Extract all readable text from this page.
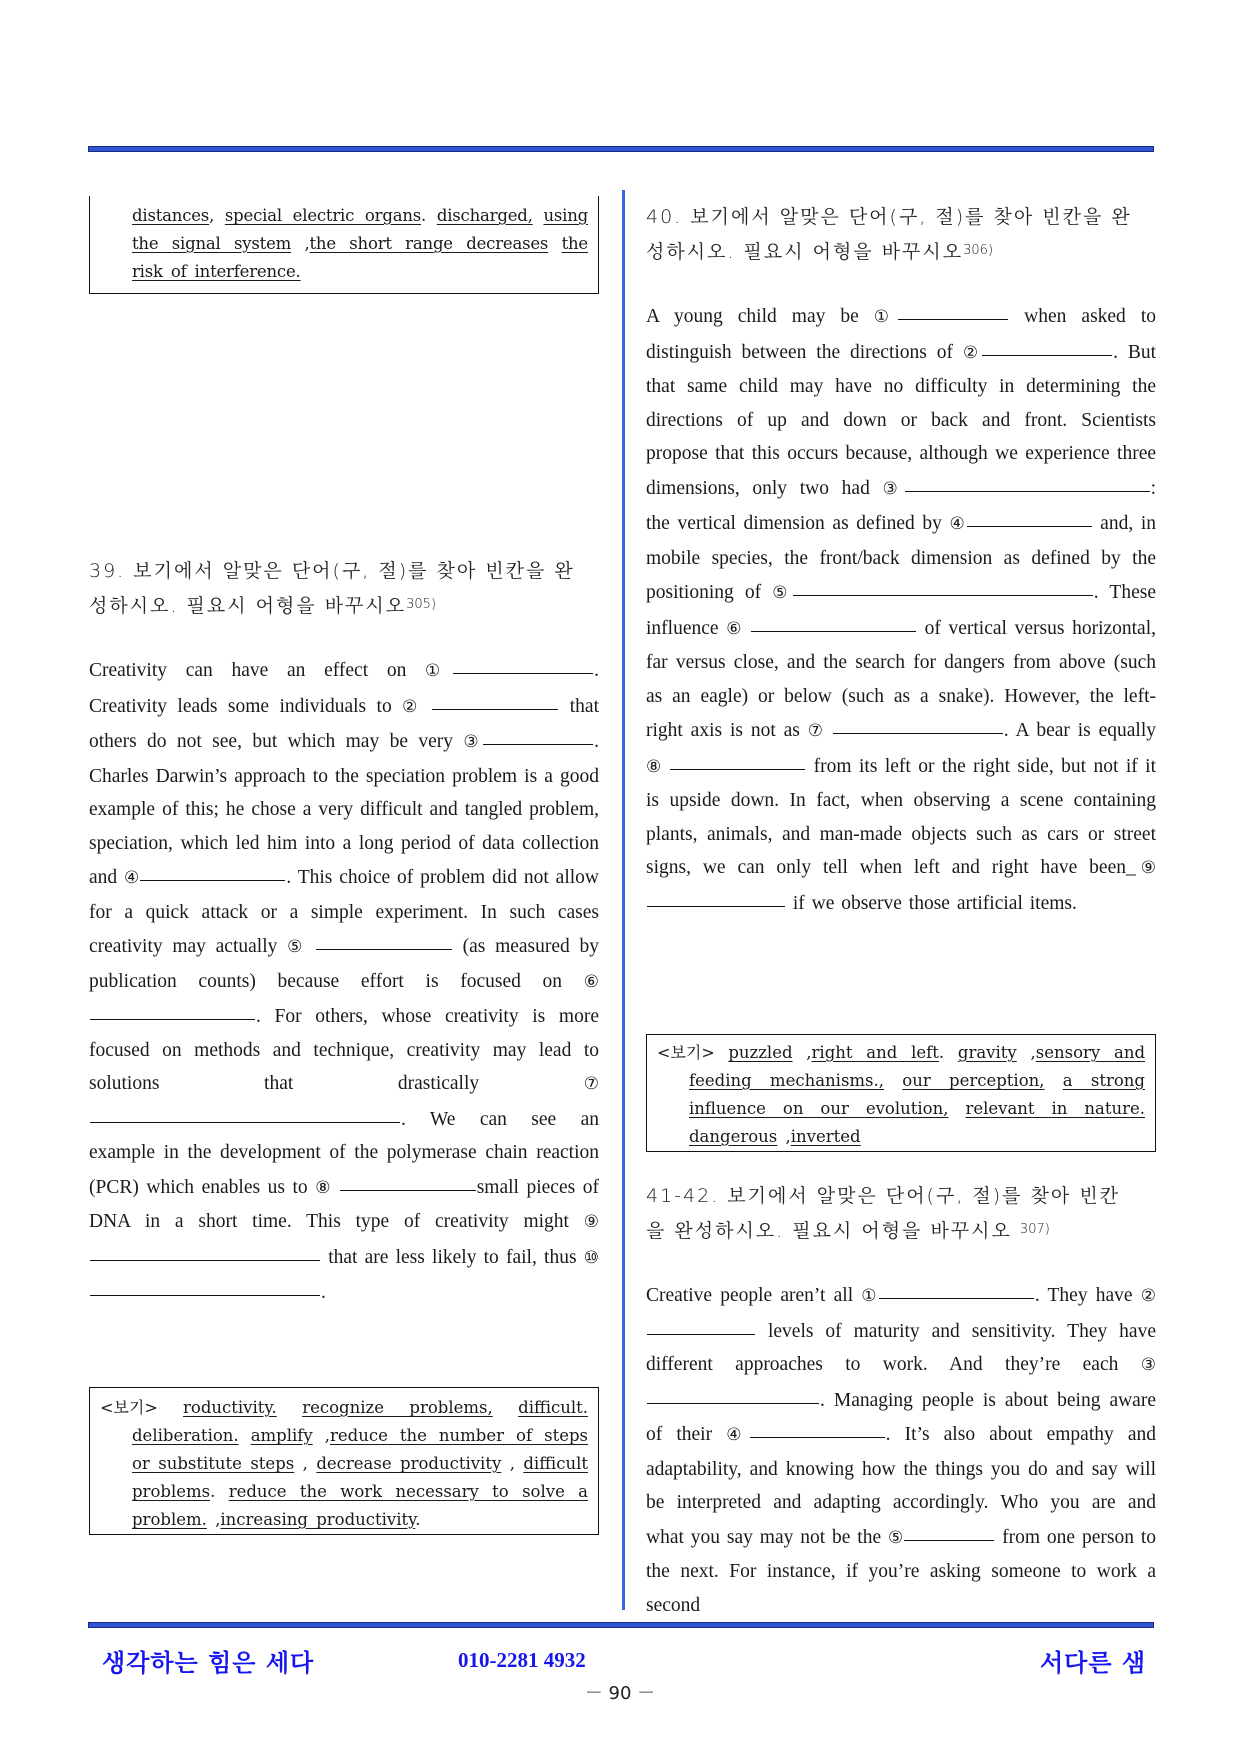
distances, special electric organs. discharged, using the signal system ,the short range decreases the risk of interference.

39. 보기에서 알맞은 단어(구, 절)를 찾아 빈칸을 완
성하시오. 필요시 어형을 바꾸시오$^{305)}$

Creativity can have an effect on ①	. Creativity leads some individuals to ②	that others do not see, but which may be very ③	. Charles Darwin’s approach to the speciation problem is a good example of this; he chose a very difficult and tangled problem, speciation, which led him into a long period of data collection and ④	. This choice of problem did not allow for a quick attack or a simple experiment. In such cases creativity may actually ⑤	(as measured by publication counts) because effort is focused on ⑥. For others, whose creativity is more focused on methods and technique, creativity may lead to solutions that drastically ⑦. We can see an example in the development of the polymerase chain reaction (PCR) which enables us to ⑧	small pieces of DNA in a short time. This type of creativity might ⑨  that are less likely to fail, thus ⑩.

<보기> roductivity. recognize problems, difficult. deliberation. amplify ,reduce the number of steps or substitute steps , decrease productivity , difficult problems. reduce the work necessary to solve a problem. ,increasing productivity.

40. 보기에서 알맞은 단어(구, 절)를 찾아 빈칸을 완
성하시오. 필요시 어형을 바꾸시오$^{306)}$

A young child may be ①	when asked to distinguish between the directions of ②	. But that same child may have no difficulty in determining the directions of up and down or back and front. Scientists propose that this occurs because, although we experience three dimensions, only two had ③	: the vertical dimension as defined by ④	and, in mobile species, the front/back dimension as defined by the positioning of ⑤	. These influence ⑥	of vertical versus horizontal, far versus close, and the search for dangers from above (such as an eagle) or below (such as a snake). However, the left-right axis is not as ⑦	. A bear is equally ⑧	from its left or the right side, but not if it is upside down. In fact, when observing a scene containing plants, animals, and man-made objects such as cars or street signs, we can only tell when left and right have been_⑨ if we observe those artificial items.

<보기> puzzled ,right and left. gravity ,sensory and feeding mechanisms., our perception, a strong influence on our evolution, relevant in nature. dangerous ,inverted

41-42. 보기에서 알맞은 단어(구, 절)를 찾아 빈칸
을 완성하시오. 필요시 어형을 바꾸시오 $^{307)}$

Creative people aren’t all ①	. They have ② levels of maturity and sensitivity. They have different approaches to work. And they’re each ③. Managing people is about being aware of their ④	. It’s also about empathy and adaptability, and knowing how the things you do and say will be interpreted and adapting accordingly. Who you are and what you say may not be the ⑤	from one person to the next. For instance, if you’re asking someone to work a second

생각하는 힘은 세다	010-2281 4932	서다른 샘
－ 90 －
